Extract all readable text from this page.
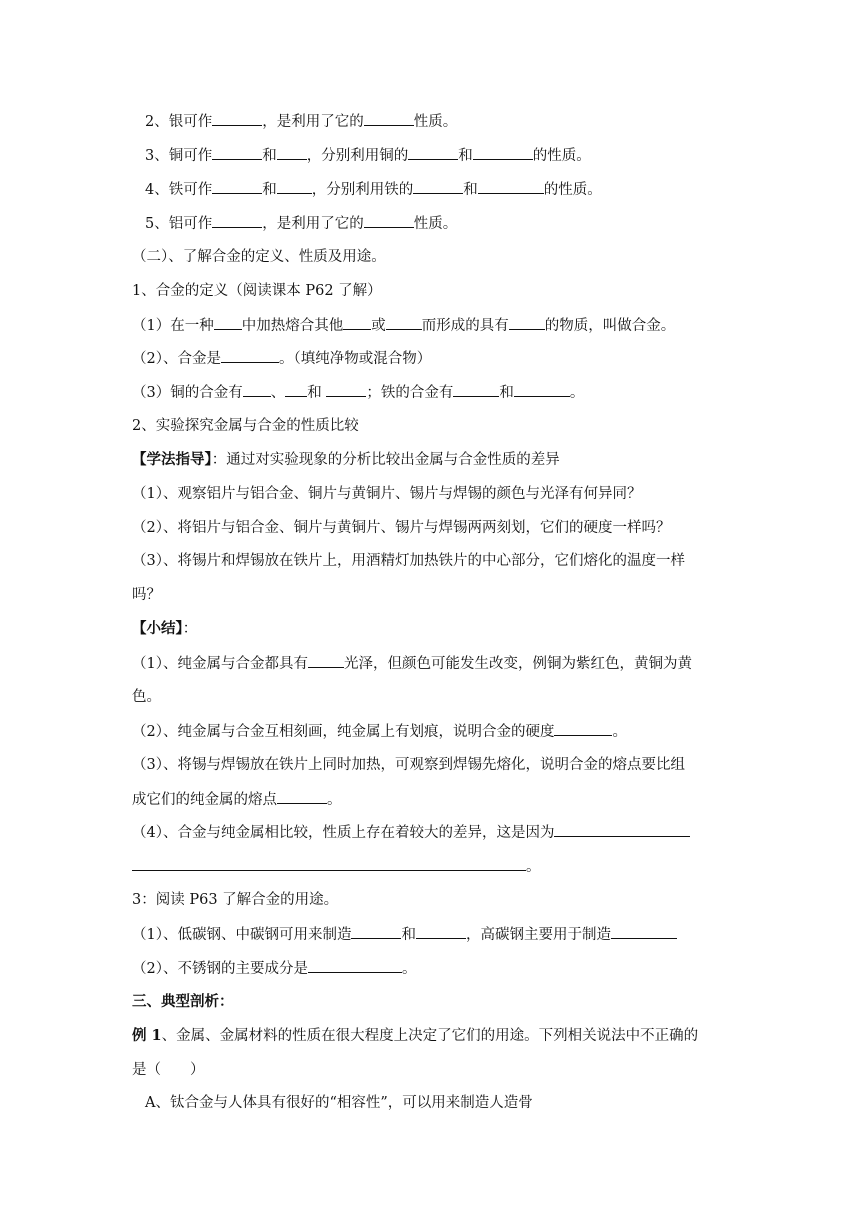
2、银可作	，是利用了它的	性质。
3、铜可作	和 ，分别利用铜的	和	的性质。
4、铁可作	和 ，分别利用铁的	和	的性质。
5、铝可作	，是利用了它的	性质。
（二）、了解合金的定义、性质及用途。
1、合金的定义（阅读课本 P62 了解）
（1）在一种 中加热熔合其他 或 而形成的具有 的物质，叫做合金。
（2）、合金是	。（填纯净物或混合物）
（3）铜的合金有 、 和	；铁的合金有	和	。
2、实验探究金属与合金的性质比较
【学法指导】：通过对实验现象的分析比较出金属与合金性质的差异
（1）、观察铝片与铝合金、铜片与黄铜片、锡片与焊锡的颜色与光泽有何异同？
（2）、将铝片与铝合金、铜片与黄铜片、锡片与焊锡两两刻划，它们的硬度一样吗？
（3）、将锡片和焊锡放在铁片上，用酒精灯加热铁片的中心部分，它们熔化的温度一样
吗？
【小结】：
（1）、纯金属与合金都具有 光泽，但颜色可能发生改变，例铜为紫红色，黄铜为黄
色。
（2）、纯金属与合金互相刻画，纯金属上有划痕，说明合金的硬度	。
（3）、将锡与焊锡放在铁片上同时加热，可观察到焊锡先熔化，说明合金的熔点要比组
成它们的纯金属的熔点	。
（4）、合金与纯金属相比较，性质上存在着较大的差异，这是因为
。
3：阅读 P63 了解合金的用途。
（1）、低碳钢、中碳钢可用来制造	和	，高碳钢主要用于制造
（2）、不锈钢的主要成分是	。
三、典型剖析：
例 1、金属、金属材料的性质在很大程度上决定了它们的用途。下列相关说法中不正确的
是（　　）
A、钛合金与人体具有很好的“相容性”，可以用来制造人造骨
